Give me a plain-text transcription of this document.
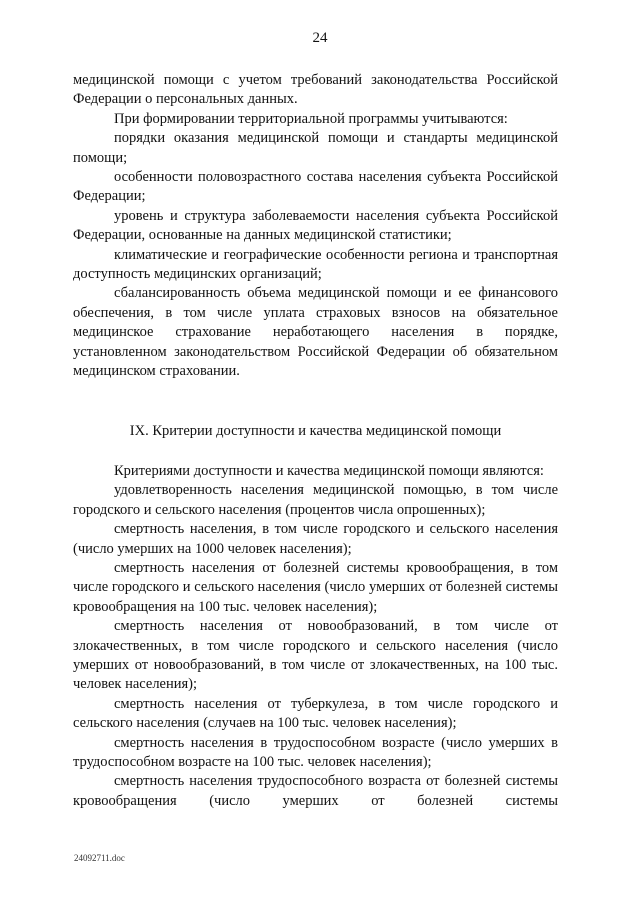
24

медицинской помощи с учетом требований законодательства Российской Федерации о персональных данных.

При формировании территориальной программы учитываются:

порядки оказания медицинской помощи и стандарты медицинской помощи;

особенности половозрастного состава населения субъекта Российской Федерации;

уровень и структура заболеваемости населения субъекта Российской Федерации, основанные на данных медицинской статистики;

климатические и географические особенности региона и транспортная доступность медицинских организаций;

сбалансированность объема медицинской помощи и ее финансового обеспечения, в том числе уплата страховых взносов на обязательное медицинское страхование неработающего населения в порядке, установленном законодательством Российской Федерации об обязательном медицинском страховании.

IX. Критерии доступности и качества медицинской помощи

Критериями доступности и качества медицинской помощи являются:

удовлетворенность населения медицинской помощью, в том числе городского и сельского населения (процентов числа опрошенных);

смертность населения, в том числе городского и сельского населения (число умерших на 1000 человек населения);

смертность населения от болезней системы кровообращения, в том числе городского и сельского населения (число умерших от болезней системы кровообращения на 100 тыс. человек населения);

смертность населения от новообразований, в том числе от злокачественных, в том числе городского и сельского населения (число умерших от новообразований, в том числе от злокачественных, на 100 тыс. человек населения);

смертность населения от туберкулеза, в том числе городского и сельского населения (случаев на 100 тыс. человек населения);

смертность населения в трудоспособном возрасте (число умерших в трудоспособном возрасте на 100 тыс. человек населения);

смертность населения трудоспособного возраста от болезней системы кровообращения (число умерших от болезней системы

24092711.doc
